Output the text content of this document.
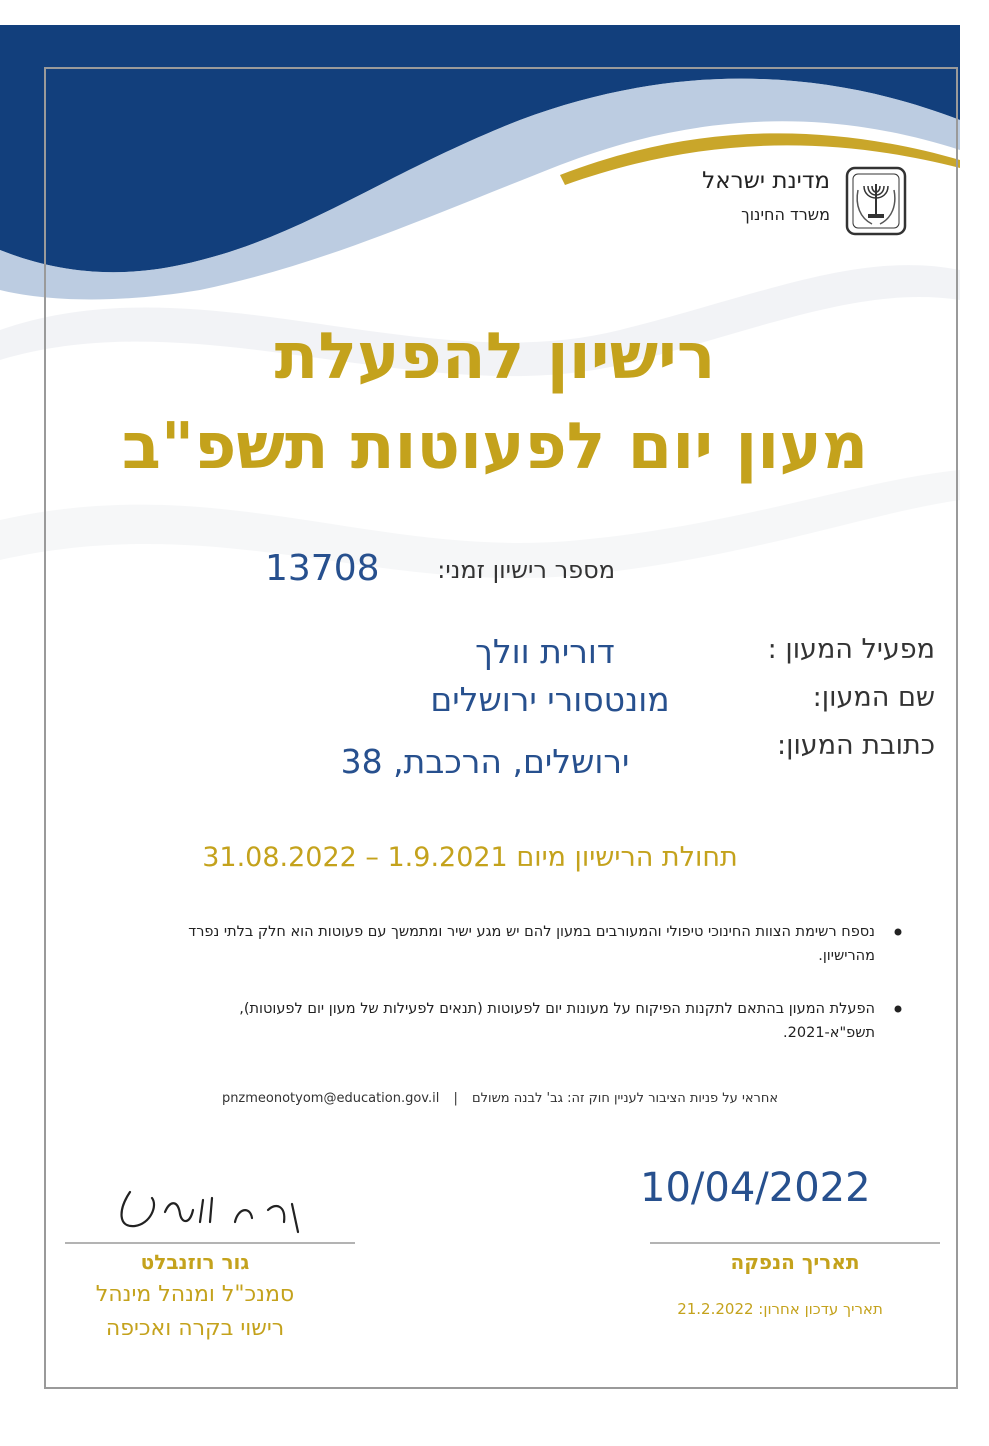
מדינת ישראל
משרד החינוך
רישיון להפעלת
מעון יום לפעוטות תשפ"ב
מספר רישיון זמני:
13708
מפעיל המעון :
דורית וולך
שם המעון:
מונטסורי ירושלים
כתובת המעון:
ירושלים, הרכבת, 38
תחולת הרישיון מיום 1.9.2021 – 31.08.2022
נספח רשימת הצוות החינוכי טיפולי והמעורבים במעון להם יש מגע ישיר ומתמשך עם פעוטות הוא חלק בלתי נפרד
מהרישיון.
הפעלת המעון בהתאם לתקנות הפיקוח על מעונות יום לפעוטות (תנאים לפעילות של מעון יום לפעוטות),
תשפ"א-2021.
pnzmeonotyom@education.gov.il | אחראי על פניות הציבור לעניין חוק זה: גב' לבנה משולם
10/04/2022
תאריך הנפקה
תאריך עדכון אחרון: 21.2.2022
גור רוזנבלט
סמנכ"ל ומנהל מינהל
רישוי בקרה ואכיפה
